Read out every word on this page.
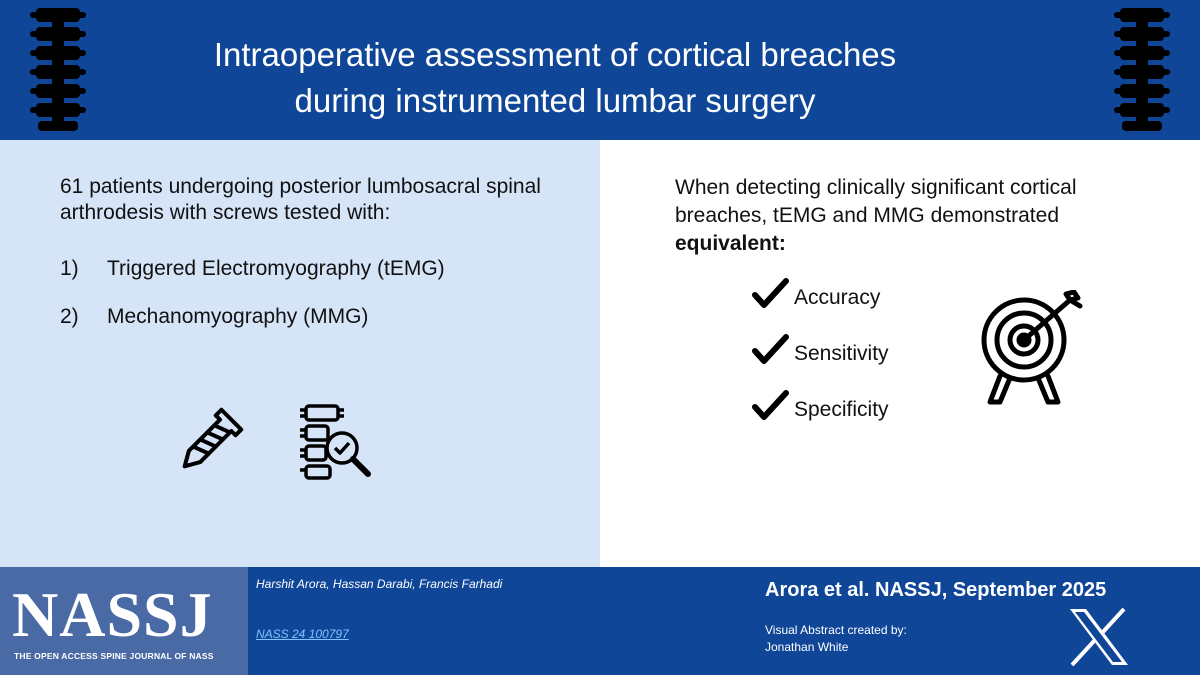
Intraoperative assessment of cortical breaches
during instrumented lumbar surgery
61 patients undergoing posterior lumbosacral spinal arthrodesis with screws tested with:
1)	Triggered Electromyography (tEMG)
2)	Mechanomyography (MMG)
When detecting clinically significant cortical breaches, tEMG and MMG demonstrated
equivalent:
Accuracy
Sensitivity
Specificity
NASSJ
THE OPEN ACCESS SPINE JOURNAL OF NASS
Harshit Arora, Hassan Darabi, Francis Farhadi
NASS 24 100797
Arora et al. NASSJ, September 2025
Visual Abstract created by:
Jonathan White
